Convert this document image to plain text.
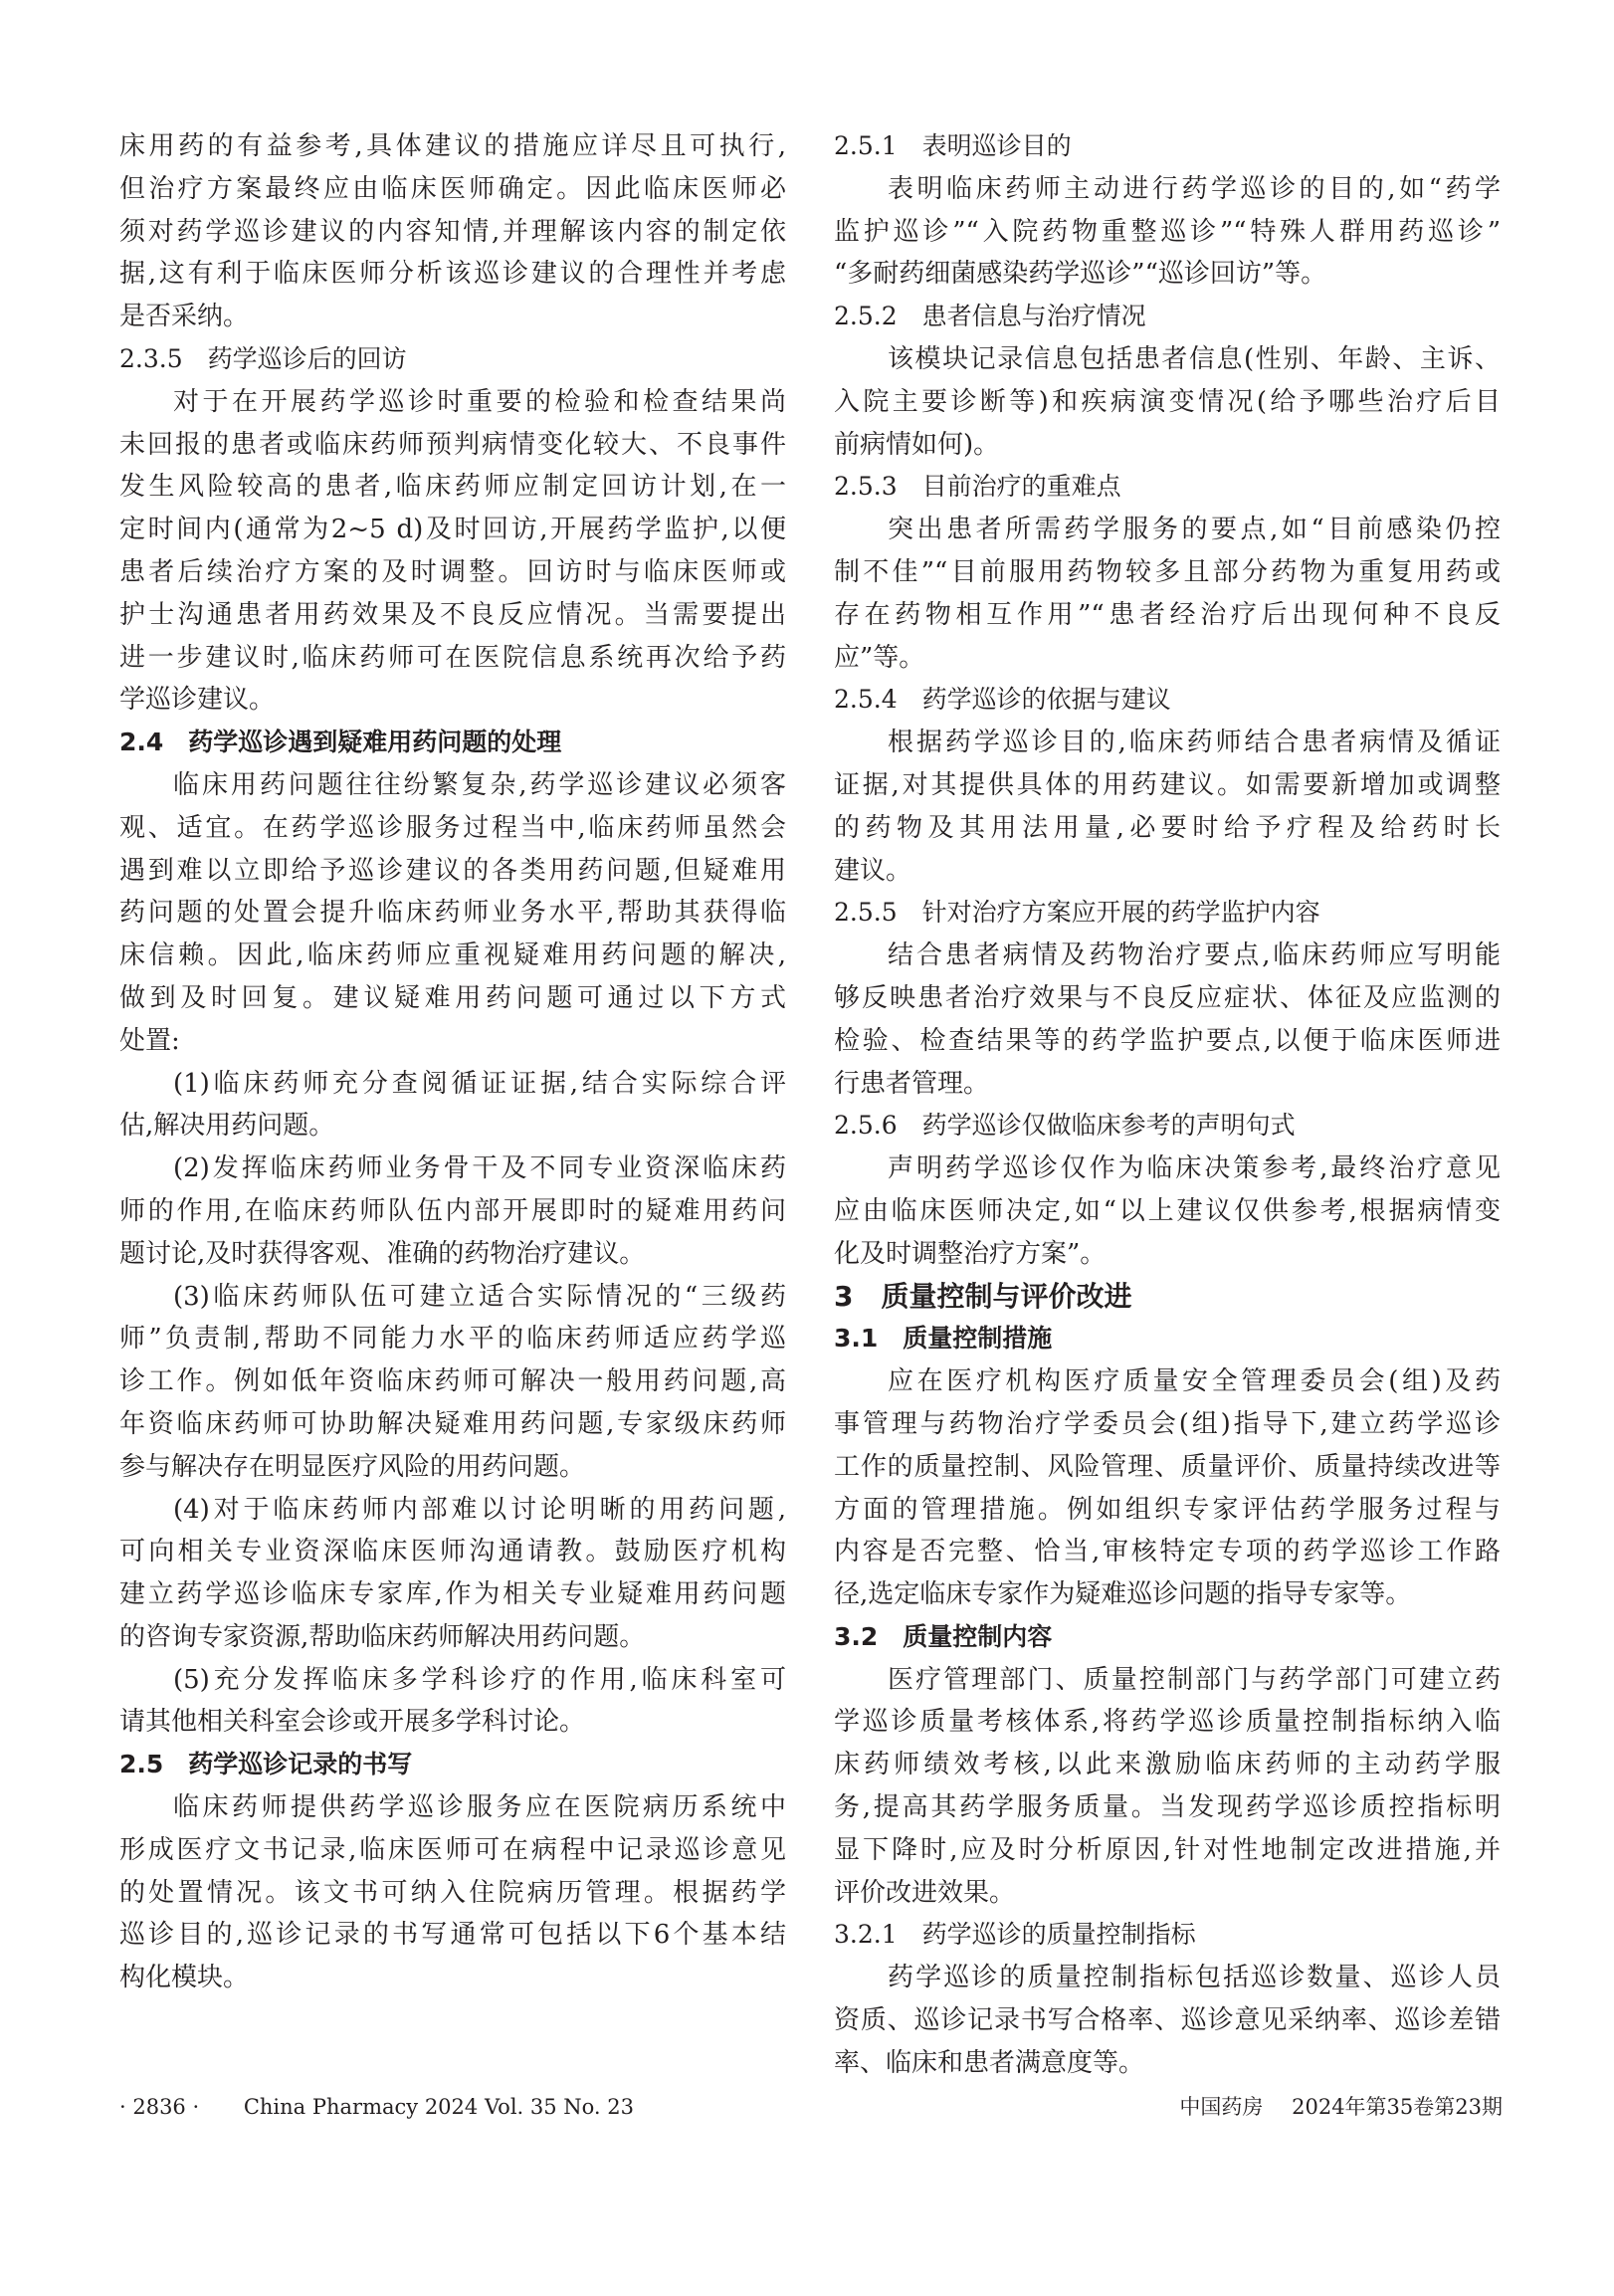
床用药的有益参考,具体建议的措施应详尽且可执行,
但治疗方案最终应由临床医师确定。因此临床医师必
须对药学巡诊建议的内容知情,并理解该内容的制定依
据,这有利于临床医师分析该巡诊建议的合理性并考虑
是否采纳。
2.3.5　药学巡诊后的回访
对于在开展药学巡诊时重要的检验和检查结果尚
未回报的患者或临床药师预判病情变化较大、不良事件
发生风险较高的患者,临床药师应制定回访计划,在一
定时间内(通常为2~5 d)及时回访,开展药学监护,以便
患者后续治疗方案的及时调整。回访时与临床医师或
护士沟通患者用药效果及不良反应情况。当需要提出
进一步建议时,临床药师可在医院信息系统再次给予药
学巡诊建议。
2.4　药学巡诊遇到疑难用药问题的处理
临床用药问题往往纷繁复杂,药学巡诊建议必须客
观、适宜。在药学巡诊服务过程当中,临床药师虽然会
遇到难以立即给予巡诊建议的各类用药问题,但疑难用
药问题的处置会提升临床药师业务水平,帮助其获得临
床信赖。因此,临床药师应重视疑难用药问题的解决,
做到及时回复。建议疑难用药问题可通过以下方式
处置:
(1)临床药师充分查阅循证证据,结合实际综合评
估,解决用药问题。
(2)发挥临床药师业务骨干及不同专业资深临床药
师的作用,在临床药师队伍内部开展即时的疑难用药问
题讨论,及时获得客观、准确的药物治疗建议。
(3)临床药师队伍可建立适合实际情况的“三级药
师”负责制,帮助不同能力水平的临床药师适应药学巡
诊工作。例如低年资临床药师可解决一般用药问题,高
年资临床药师可协助解决疑难用药问题,专家级床药师
参与解决存在明显医疗风险的用药问题。
(4)对于临床药师内部难以讨论明晰的用药问题,
可向相关专业资深临床医师沟通请教。鼓励医疗机构
建立药学巡诊临床专家库,作为相关专业疑难用药问题
的咨询专家资源,帮助临床药师解决用药问题。
(5)充分发挥临床多学科诊疗的作用,临床科室可
请其他相关科室会诊或开展多学科讨论。
2.5　药学巡诊记录的书写
临床药师提供药学巡诊服务应在医院病历系统中
形成医疗文书记录,临床医师可在病程中记录巡诊意见
的处置情况。该文书可纳入住院病历管理。根据药学
巡诊目的,巡诊记录的书写通常可包括以下6个基本结
构化模块。
2.5.1　表明巡诊目的
表明临床药师主动进行药学巡诊的目的,如“药学
监护巡诊”“入院药物重整巡诊”“特殊人群用药巡诊”
“多耐药细菌感染药学巡诊”“巡诊回访”等。
2.5.2　患者信息与治疗情况
该模块记录信息包括患者信息(性别、年龄、主诉、
入院主要诊断等)和疾病演变情况(给予哪些治疗后目
前病情如何)。
2.5.3　目前治疗的重难点
突出患者所需药学服务的要点,如“目前感染仍控
制不佳”“目前服用药物较多且部分药物为重复用药或
存在药物相互作用”“患者经治疗后出现何种不良反
应”等。
2.5.4　药学巡诊的依据与建议
根据药学巡诊目的,临床药师结合患者病情及循证
证据,对其提供具体的用药建议。如需要新增加或调整
的药物及其用法用量,必要时给予疗程及给药时长
建议。
2.5.5　针对治疗方案应开展的药学监护内容
结合患者病情及药物治疗要点,临床药师应写明能
够反映患者治疗效果与不良反应症状、体征及应监测的
检验、检查结果等的药学监护要点,以便于临床医师进
行患者管理。
2.5.6　药学巡诊仅做临床参考的声明句式
声明药学巡诊仅作为临床决策参考,最终治疗意见
应由临床医师决定,如“以上建议仅供参考,根据病情变
化及时调整治疗方案”。
3　质量控制与评价改进
3.1　质量控制措施
应在医疗机构医疗质量安全管理委员会(组)及药
事管理与药物治疗学委员会(组)指导下,建立药学巡诊
工作的质量控制、风险管理、质量评价、质量持续改进等
方面的管理措施。例如组织专家评估药学服务过程与
内容是否完整、恰当,审核特定专项的药学巡诊工作路
径,选定临床专家作为疑难巡诊问题的指导专家等。
3.2　质量控制内容
医疗管理部门、质量控制部门与药学部门可建立药
学巡诊质量考核体系,将药学巡诊质量控制指标纳入临
床药师绩效考核,以此来激励临床药师的主动药学服
务,提高其药学服务质量。当发现药学巡诊质控指标明
显下降时,应及时分析原因,针对性地制定改进措施,并
评价改进效果。
3.2.1　药学巡诊的质量控制指标
药学巡诊的质量控制指标包括巡诊数量、巡诊人员
资质、巡诊记录书写合格率、巡诊意见采纳率、巡诊差错
率、临床和患者满意度等。
· 2836 · China Pharmacy 2024 Vol. 35 No. 23	中国药房 2024年第35卷第23期
